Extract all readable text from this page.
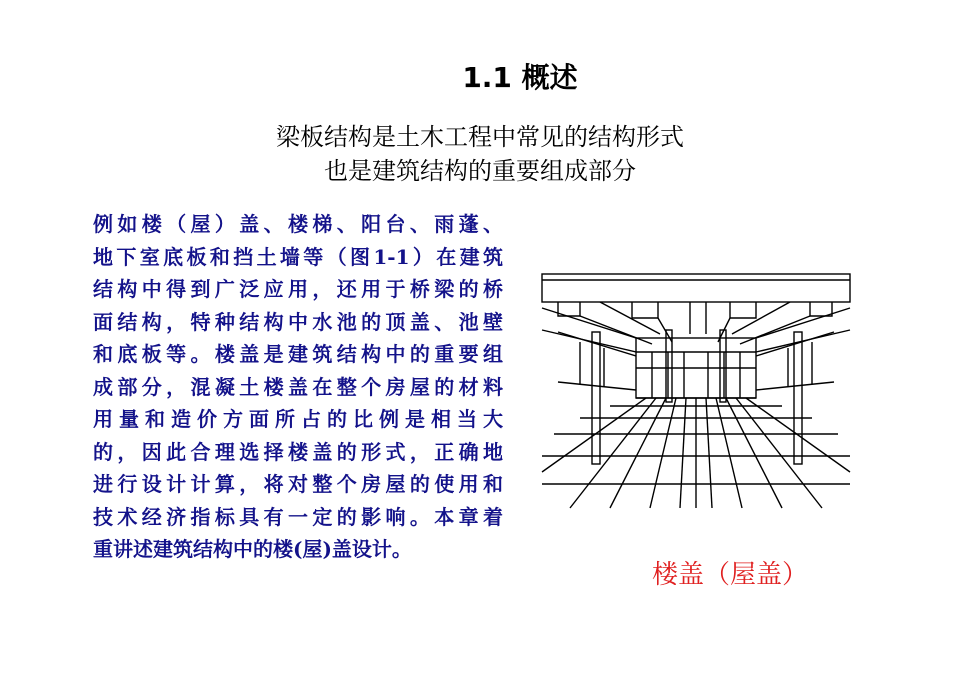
1.1 概述
梁板结构是土木工程中常见的结构形式
也是建筑结构的重要组成部分
例如楼（屋）盖、楼梯、阳台、雨蓬、
地下室底板和挡土墙等（图1-1）在建筑
结构中得到广泛应用，还用于桥梁的桥
面结构，特种结构中水池的顶盖、池壁
和底板等。楼盖是建筑结构中的重要组
成部分，混凝土楼盖在整个房屋的材料
用量和造价方面所占的比例是相当大
的，因此合理选择楼盖的形式，正确地
进行设计计算，将对整个房屋的使用和
技术经济指标具有一定的影响。本章着
重讲述建筑结构中的楼(屋)盖设计。
楼盖（屋盖）
